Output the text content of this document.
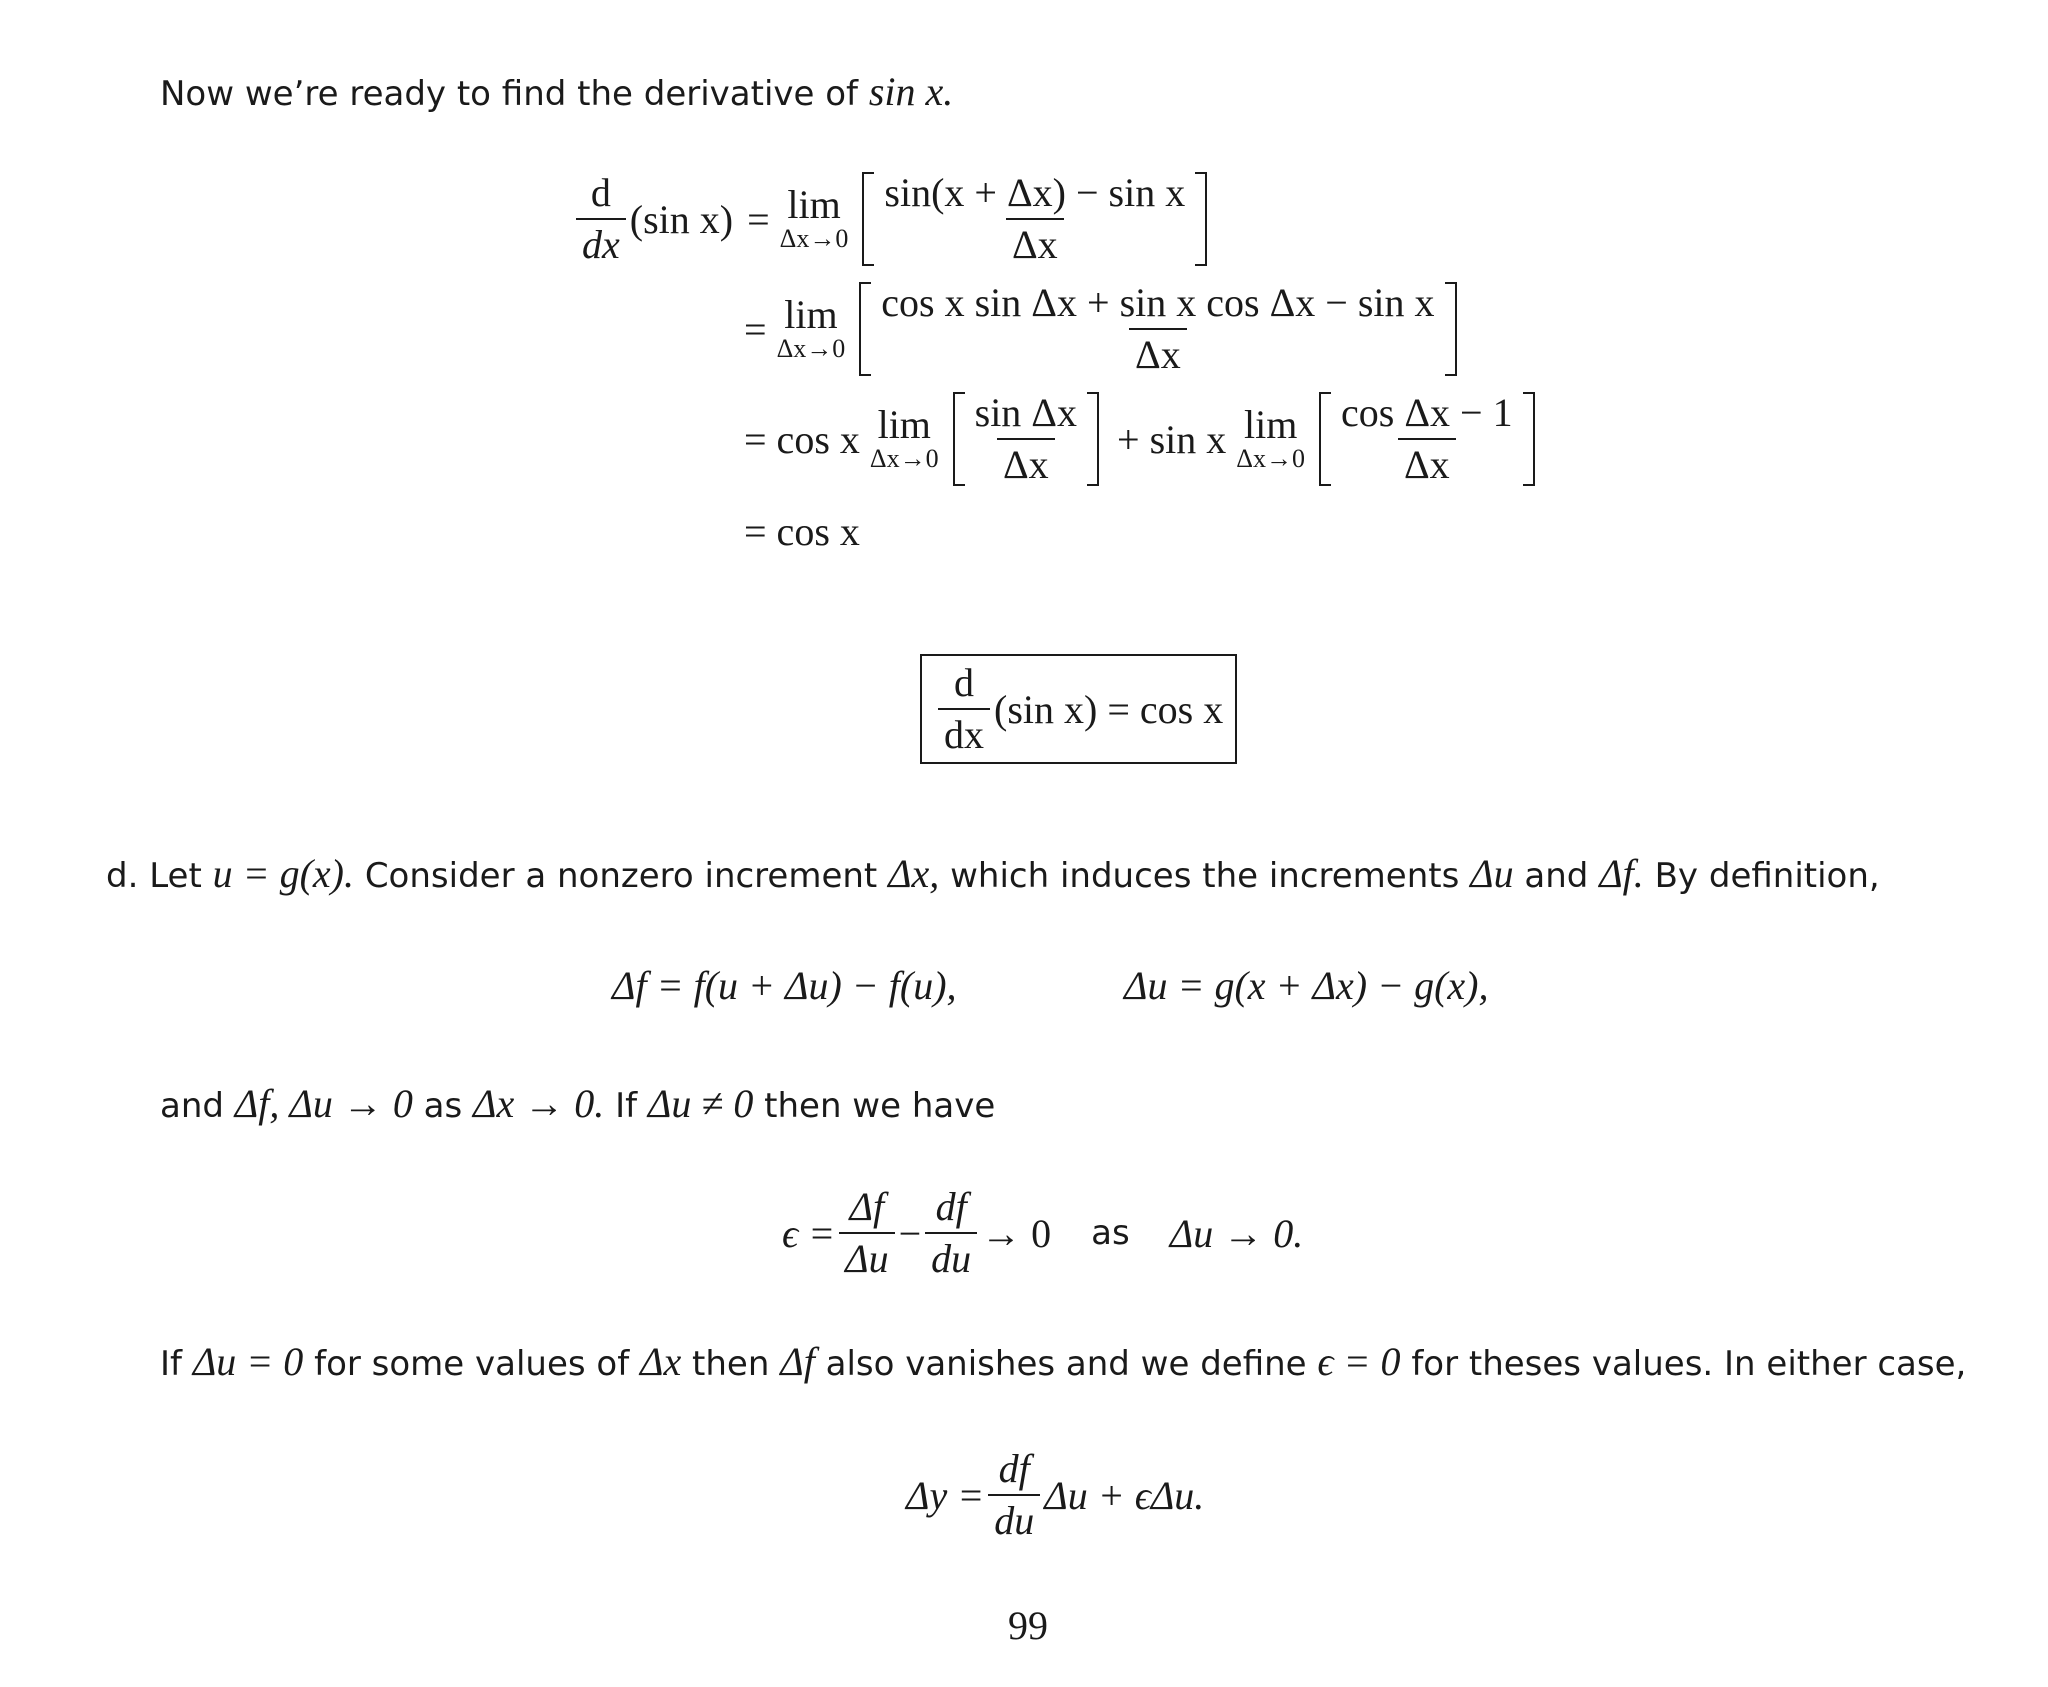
Now we’re ready to find the derivative of sin x.
$\frac{d}{dx} (\sin$ x) = lim
$\Delta x\to 0 \frac{\text{sin(x + Δx) − sin x}}{\Delta x}$
= lim
$\Delta x\to 0 \frac{\text{cos x sin Δx + sin x cos Δx − sin x}}{\Delta x}$
= cos x lim
$\Delta x\to 0 \frac{\text{sin Δx}}{\Delta x} + \sin x$ lim
$\Delta x\to 0 \frac{\text{cos Δx − 1}}{\Delta x}$
= cos x
$\frac{d}{dx} (\sin$ x) = cos x
d. Let u = g(x). Consider a nonzero increment Δx, which induces the increments Δu and Δf. By definition,
Δf = f(u + Δu) − f(u),	Δu = g(x + Δx) − g(x),
and Δf, Δu → 0 as Δx → 0. If Δu ≠ 0 then we have
$\epsilon = \frac{\Delta f}{\Delta u} - \frac{df}{du} \to 0$ as Δu → 0.
If Δu = 0 for some values of Δx then Δf also vanishes and we define ϵ = 0 for theses values. In either case,
$\Delta y = \frac{df}{du}$ Δu + ϵΔu.
99
